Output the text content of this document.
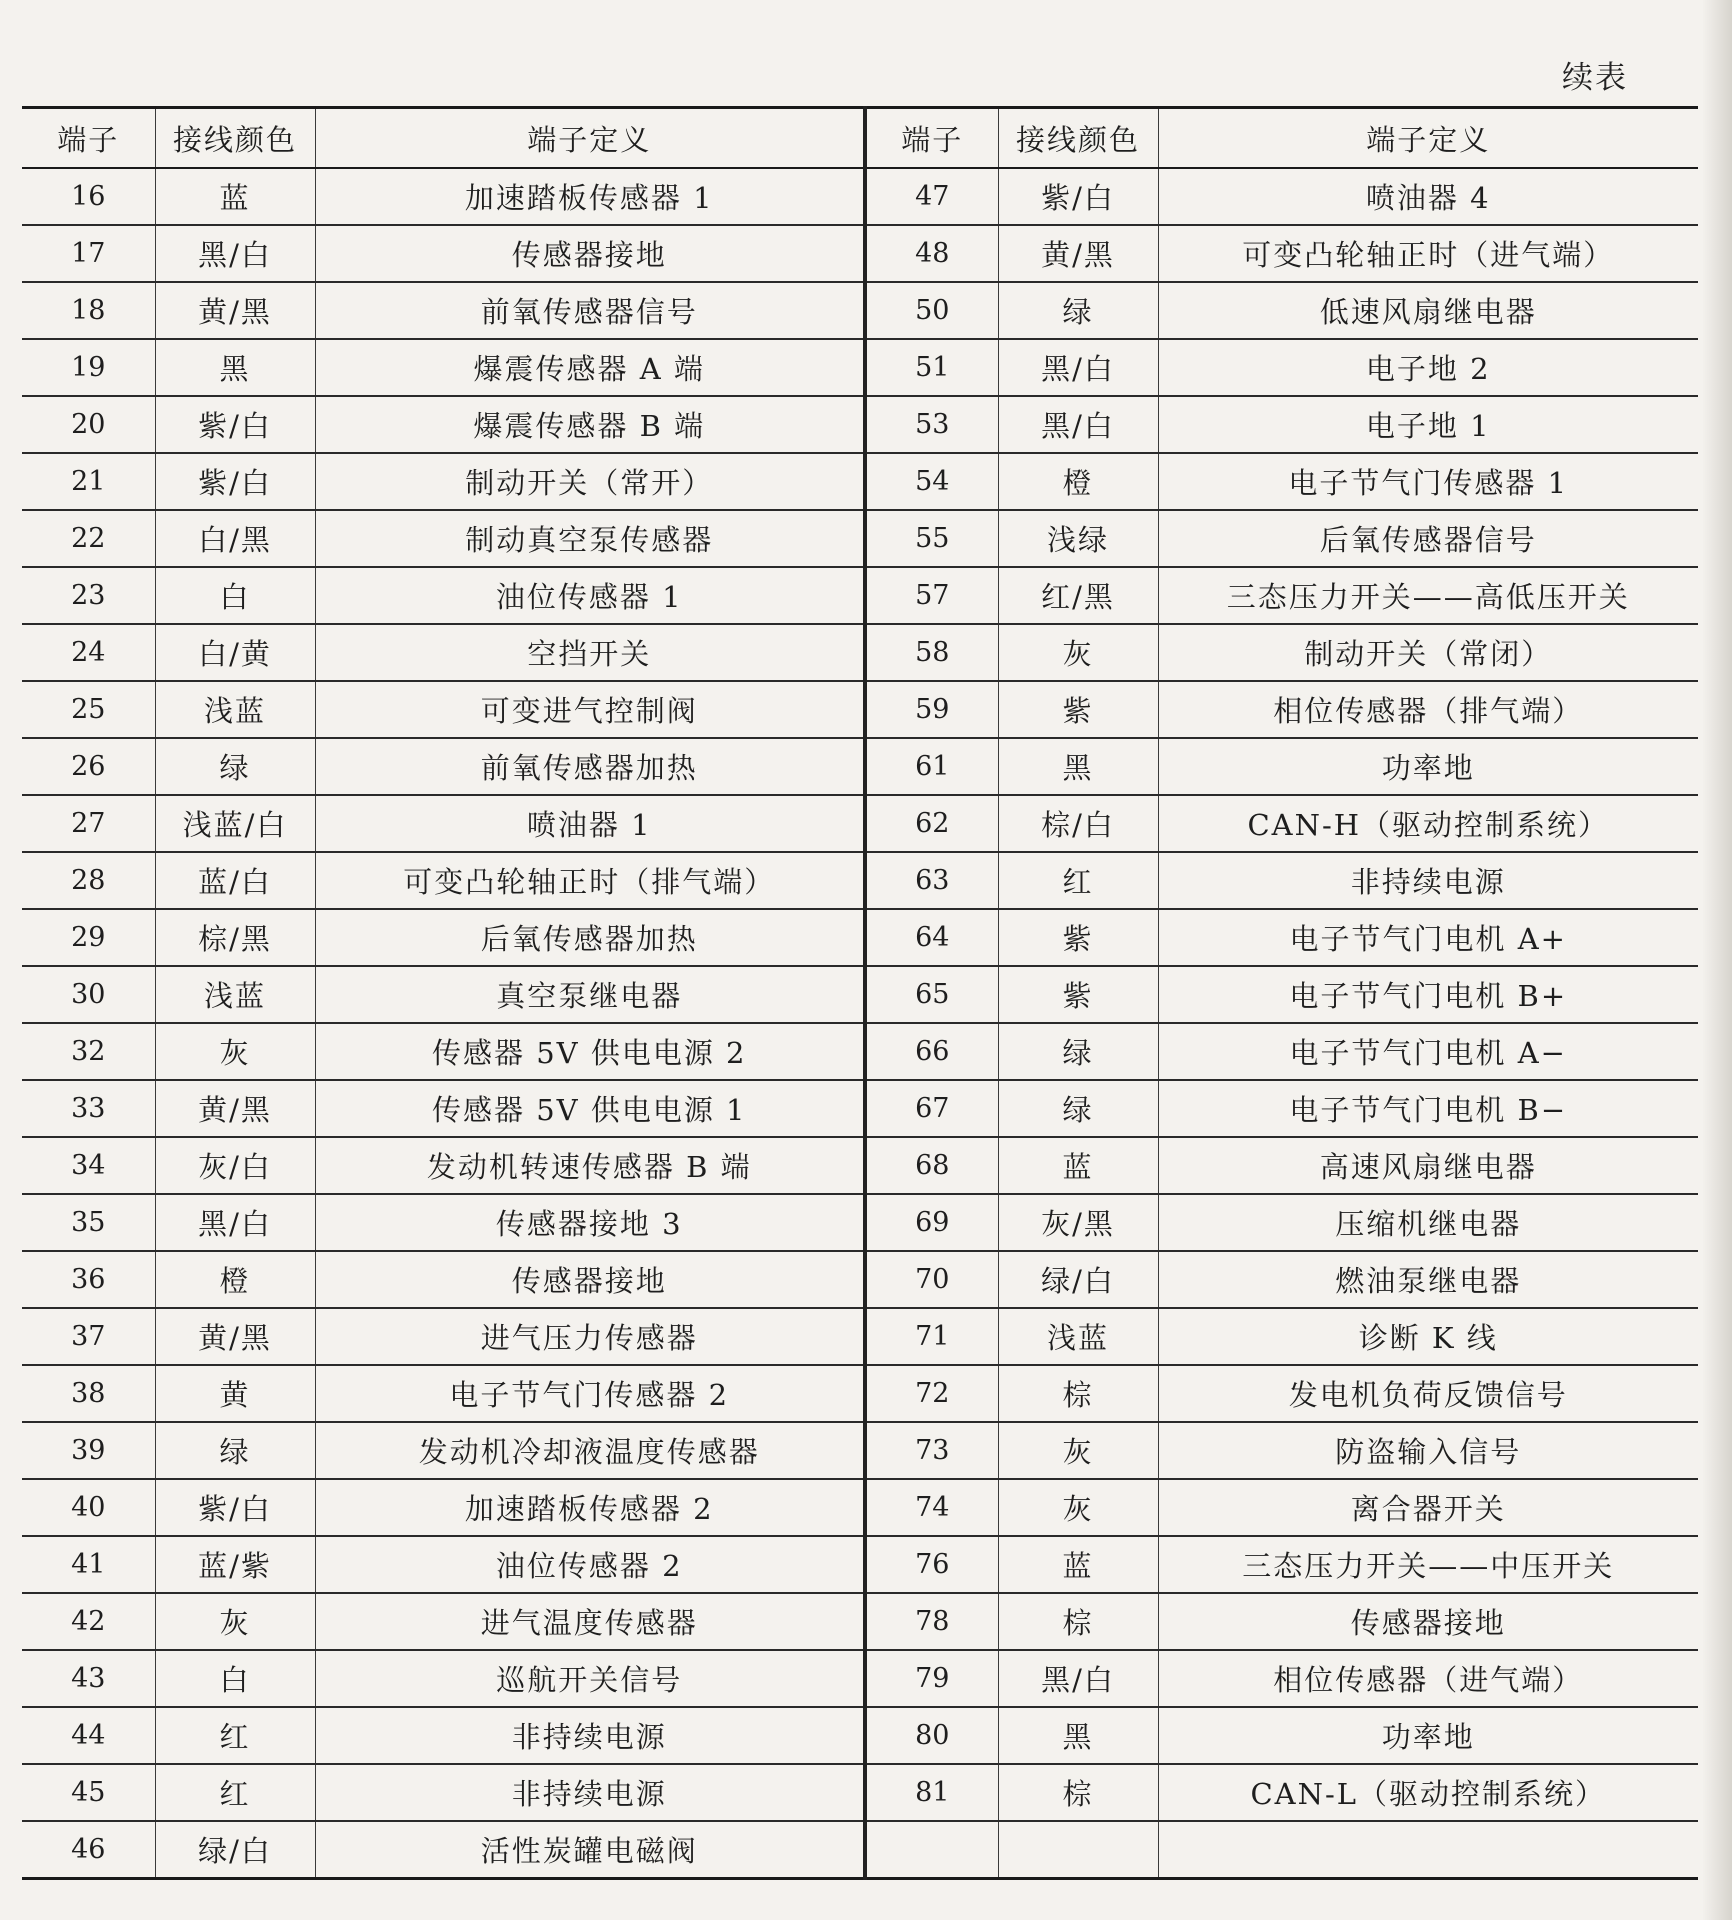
续表
端子	接线颜色	端子定义	端子	接线颜色	端子定义
16	蓝	加速踏板传感器 1	47	紫/白	喷油器 4
17	黑/白	传感器接地	48	黄/黑	可变凸轮轴正时（进气端）
18	黄/黑	前氧传感器信号	50	绿	低速风扇继电器
19	黑	爆震传感器 A 端	51	黑/白	电子地 2
20	紫/白	爆震传感器 B 端	53	黑/白	电子地 1
21	紫/白	制动开关（常开）	54	橙	电子节气门传感器 1
22	白/黑	制动真空泵传感器	55	浅绿	后氧传感器信号
23	白	油位传感器 1	57	红/黑	三态压力开关——高低压开关
24	白/黄	空挡开关	58	灰	制动开关（常闭）
25	浅蓝	可变进气控制阀	59	紫	相位传感器（排气端）
26	绿	前氧传感器加热	61	黑	功率地
27	浅蓝/白	喷油器 1	62	棕/白	CAN-H（驱动控制系统）
28	蓝/白	可变凸轮轴正时（排气端）	63	红	非持续电源
29	棕/黑	后氧传感器加热	64	紫	电子节气门电机 A+
30	浅蓝	真空泵继电器	65	紫	电子节气门电机 B+
32	灰	传感器 5V 供电电源 2	66	绿	电子节气门电机 A−
33	黄/黑	传感器 5V 供电电源 1	67	绿	电子节气门电机 B−
34	灰/白	发动机转速传感器 B 端	68	蓝	高速风扇继电器
35	黑/白	传感器接地 3	69	灰/黑	压缩机继电器
36	橙	传感器接地	70	绿/白	燃油泵继电器
37	黄/黑	进气压力传感器	71	浅蓝	诊断 K 线
38	黄	电子节气门传感器 2	72	棕	发电机负荷反馈信号
39	绿	发动机冷却液温度传感器	73	灰	防盗输入信号
40	紫/白	加速踏板传感器 2	74	灰	离合器开关
41	蓝/紫	油位传感器 2	76	蓝	三态压力开关——中压开关
42	灰	进气温度传感器	78	棕	传感器接地
43	白	巡航开关信号	79	黑/白	相位传感器（进气端）
44	红	非持续电源	80	黑	功率地
45	红	非持续电源	81	棕	CAN-L（驱动控制系统）
46	绿/白	活性炭罐电磁阀			
